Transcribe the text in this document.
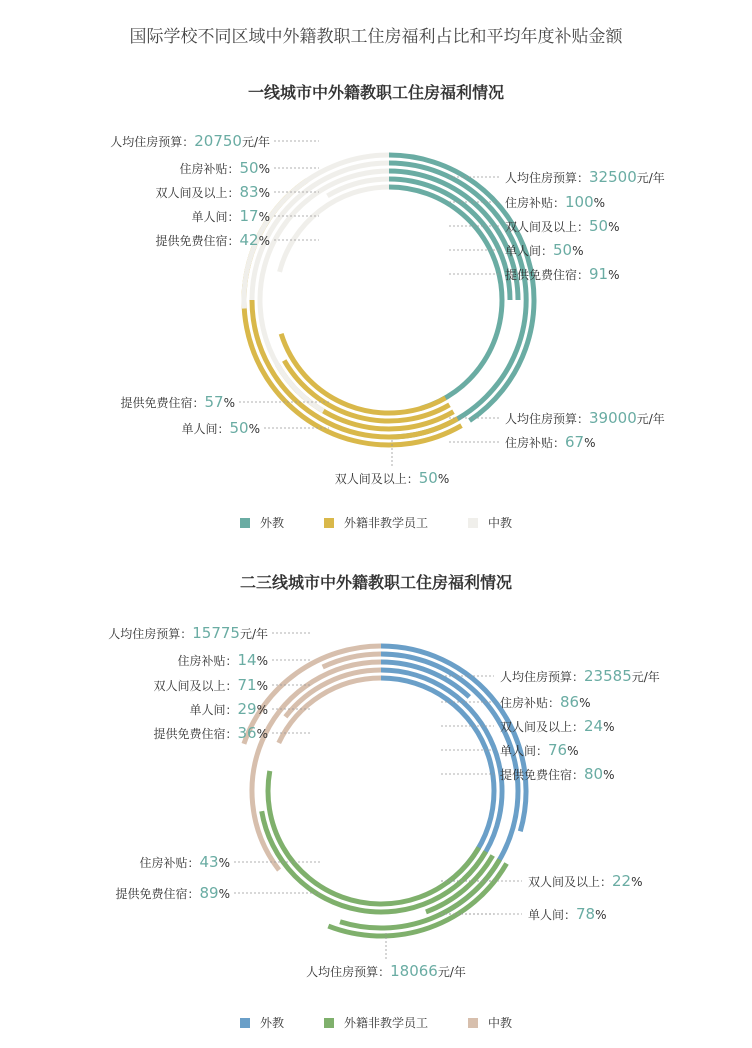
国际学校不同区域中外籍教职工住房福利占比和平均年度补贴金额
一线城市中外籍教职工住房福利情况
人均住房预算：32500元/年
住房补贴：100%
双人间及以上：50%
单人间：50%
提供免费住宿：91%
人均住房预算：39000元/年
住房补贴：67%
人均住房预算：20750元/年
住房补贴：50%
双人间及以上：83%
单人间：17%
提供免费住宿：42%
提供免费住宿：57%
单人间：50%
双人间及以上：50%
外教	外籍非教学员工	中教
二三线城市中外籍教职工住房福利情况
人均住房预算：23585元/年
住房补贴：86%
双人间及以上：24%
单人间：76%
提供免费住宿：80%
人均住房预算：15775元/年
住房补贴：14%
双人间及以上：71%
单人间：29%
提供免费住宿：36%
住房补贴：43%
提供免费住宿：89%
人均住房预算：18066元/年
双人间及以上：22%
单人间：78%
外教	外籍非教学员工	中教
